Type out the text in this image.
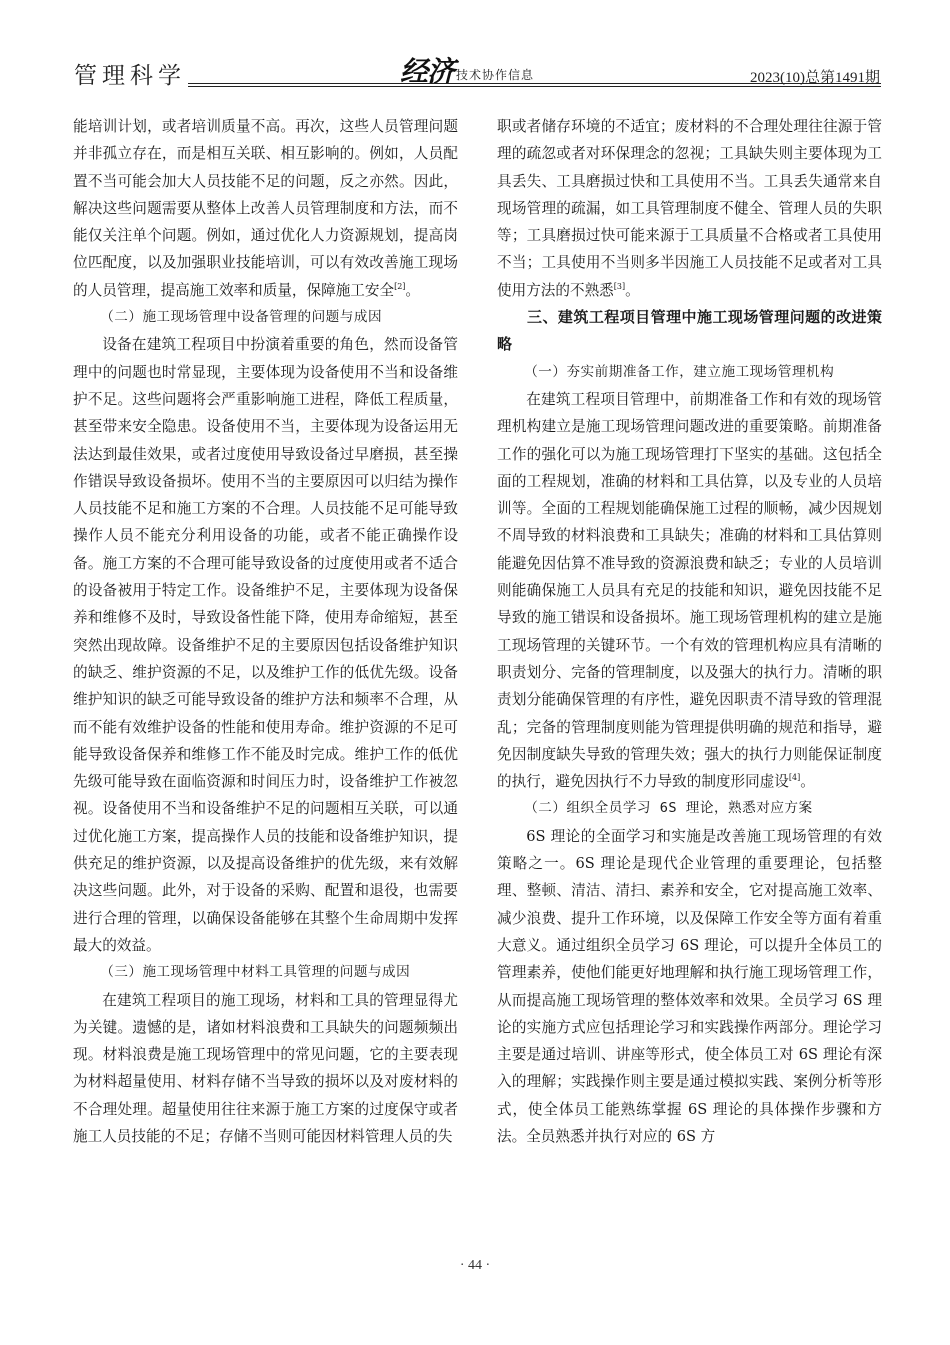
管理科学	经济 技术协作信息	2023(10)总第1491期

能培训计划，或者培训质量不高。再次，这些人员管理问题并非孤立存在，而是相互关联、相互影响的。例如，人员配置不当可能会加大人员技能不足的问题，反之亦然。因此，解决这些问题需要从整体上改善人员管理制度和方法，而不能仅关注单个问题。例如，通过优化人力资源规划，提高岗位匹配度，以及加强职业技能培训，可以有效改善施工现场的人员管理，提高施工效率和质量，保障施工安全[2]。

（二）施工现场管理中设备管理的问题与成因

设备在建筑工程项目中扮演着重要的角色，然而设备管理中的问题也时常显现，主要体现为设备使用不当和设备维护不足。这些问题将会严重影响施工进程，降低工程质量，甚至带来安全隐患。设备使用不当，主要体现为设备运用无法达到最佳效果，或者过度使用导致设备过早磨损，甚至操作错误导致设备损坏。使用不当的主要原因可以归结为操作人员技能不足和施工方案的不合理。人员技能不足可能导致操作人员不能充分利用设备的功能，或者不能正确操作设备。施工方案的不合理可能导致设备的过度使用或者不适合的设备被用于特定工作。设备维护不足，主要体现为设备保养和维修不及时，导致设备性能下降，使用寿命缩短，甚至突然出现故障。设备维护不足的主要原因包括设备维护知识的缺乏、维护资源的不足，以及维护工作的低优先级。设备维护知识的缺乏可能导致设备的维护方法和频率不合理，从而不能有效维护设备的性能和使用寿命。维护资源的不足可能导致设备保养和维修工作不能及时完成。维护工作的低优先级可能导致在面临资源和时间压力时，设备维护工作被忽视。设备使用不当和设备维护不足的问题相互关联，可以通过优化施工方案，提高操作人员的技能和设备维护知识，提供充足的维护资源，以及提高设备维护的优先级，来有效解决这些问题。此外，对于设备的采购、配置和退役，也需要进行合理的管理，以确保设备能够在其整个生命周期中发挥最大的效益。

（三）施工现场管理中材料工具管理的问题与成因

在建筑工程项目的施工现场，材料和工具的管理显得尤为关键。遗憾的是，诸如材料浪费和工具缺失的问题频频出现。材料浪费是施工现场管理中的常见问题，它的主要表现为材料超量使用、材料存储不当导致的损坏以及对废材料的不合理处理。超量使用往往来源于施工方案的过度保守或者施工人员技能的不足；存储不当则可能因材料管理人员的失

职或者储存环境的不适宜；废材料的不合理处理往往源于管理的疏忽或者对环保理念的忽视；工具缺失则主要体现为工具丢失、工具磨损过快和工具使用不当。工具丢失通常来自现场管理的疏漏，如工具管理制度不健全、管理人员的失职等；工具磨损过快可能来源于工具质量不合格或者工具使用不当；工具使用不当则多半因施工人员技能不足或者对工具使用方法的不熟悉[3]。

三、建筑工程项目管理中施工现场管理问题的改进策略
（一）夯实前期准备工作，建立施工现场管理机构

在建筑工程项目管理中，前期准备工作和有效的现场管理机构建立是施工现场管理问题改进的重要策略。前期准备工作的强化可以为施工现场管理打下坚实的基础。这包括全面的工程规划，准确的材料和工具估算，以及专业的人员培训等。全面的工程规划能确保施工过程的顺畅，减少因规划不周导致的材料浪费和工具缺失；准确的材料和工具估算则能避免因估算不准导致的资源浪费和缺乏；专业的人员培训则能确保施工人员具有充足的技能和知识，避免因技能不足导致的施工错误和设备损坏。施工现场管理机构的建立是施工现场管理的关键环节。一个有效的管理机构应具有清晰的职责划分、完备的管理制度，以及强大的执行力。清晰的职责划分能确保管理的有序性，避免因职责不清导致的管理混乱；完备的管理制度则能为管理提供明确的规范和指导，避免因制度缺失导致的管理失效；强大的执行力则能保证制度的执行，避免因执行不力导致的制度形同虚设[4]。

（二）组织全员学习 6S 理论，熟悉对应方案

6S 理论的全面学习和实施是改善施工现场管理的有效策略之一。6S 理论是现代企业管理的重要理论，包括整理、整顿、清洁、清扫、素养和安全，它对提高施工效率、减少浪费、提升工作环境，以及保障工作安全等方面有着重大意义。通过组织全员学习 6S 理论，可以提升全体员工的管理素养，使他们能更好地理解和执行施工现场管理工作，从而提高施工现场管理的整体效率和效果。全员学习 6S 理论的实施方式应包括理论学习和实践操作两部分。理论学习主要是通过培训、讲座等形式，使全体员工对 6S 理论有深入的理解；实践操作则主要是通过模拟实践、案例分析等形式，使全体员工能熟练掌握 6S 理论的具体操作步骤和方法。全员熟悉并执行对应的 6S 方

· 44 ·
